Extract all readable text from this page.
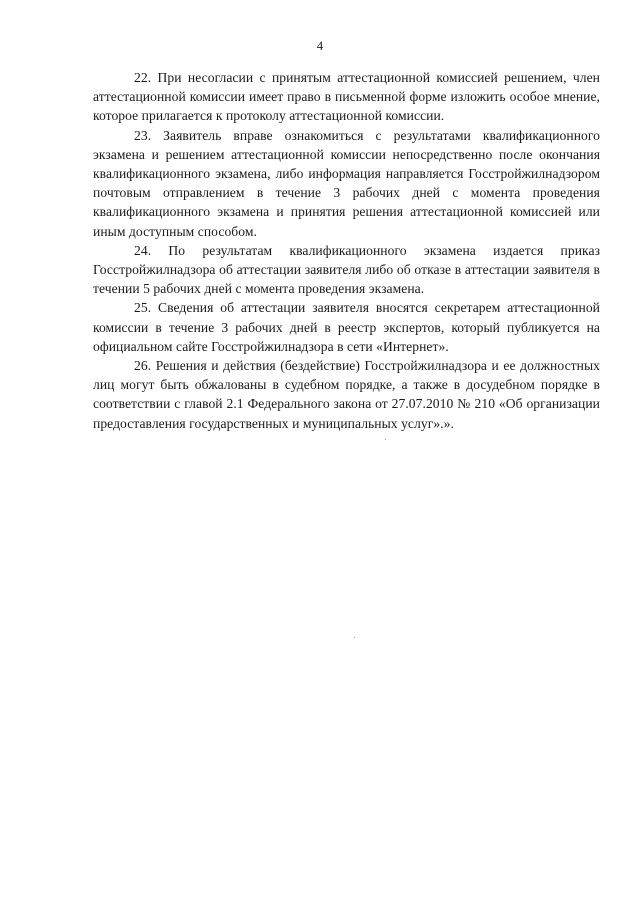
4

22. При несогласии с принятым аттестационной комиссией решением, член аттестационной комиссии имеет право в письменной форме изложить особое мнение, которое прилагается к протоколу аттестационной комиссии.

23. Заявитель вправе ознакомиться с результатами квалификационного экзамена и решением аттестационной комиссии непосредственно после окончания квалификационного экзамена, либо информация направляется Госстройжилнадзором почтовым отправлением в течение 3 рабочих дней с момента проведения квалификационного экзамена и принятия решения аттестационной комиссией или иным доступным способом.

24. По результатам квалификационного экзамена издается приказ Госстройжилнадзора об аттестации заявителя либо об отказе в аттестации заявителя в течении 5 рабочих дней с момента проведения экзамена.

25. Сведения об аттестации заявителя вносятся секретарем аттестационной комиссии в течение 3 рабочих дней в реестр экспертов, который публикуется на официальном сайте Госстройжилнадзора в сети «Интернет».

26. Решения и действия (бездействие) Госстройжилнадзора и ее должностных лиц могут быть обжалованы в судебном порядке, а также в досудебном порядке в соответствии с главой 2.1 Федерального закона от 27.07.2010 № 210 «Об организации предоставления государственных и муниципальных услуг».».
